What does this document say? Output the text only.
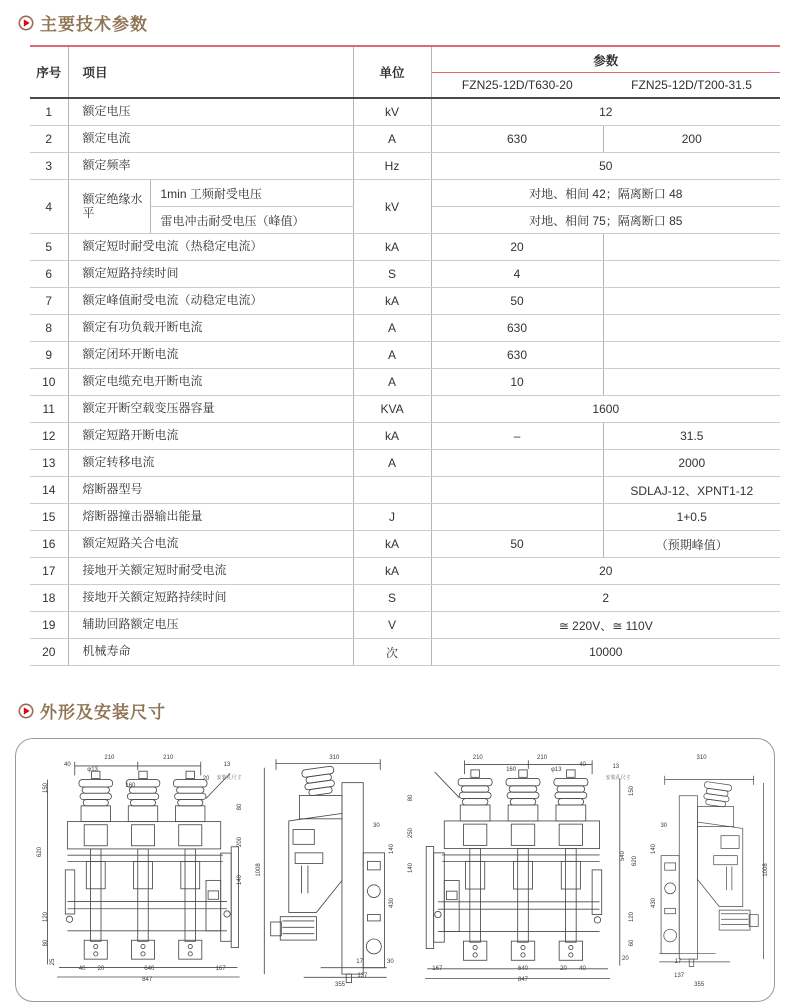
主要技术参数
序号	项目		单位	参数	
				FZN25-12D/T630-20	FZN25-12D/T200-31.5
1	额定电压		kV	12	
2	额定电流		A	630	200
3	额定频率		Hz	50	
4	额定绝缘水平	1min 工频耐受电压	kV	对地、相间 42；隔离断口 48	
		雷电冲击耐受电压（峰值）		对地、相间 75；隔离断口 85	
5	额定短时耐受电流（热稳定电流）		kA	20	
6	额定短路持续时间		S	4	
7	额定峰值耐受电流（动稳定电流）		kA	50	
8	额定有功负载开断电流		A	630	
9	额定闭环开断电流		A	630	
10	额定电缆充电开断电流		A	10	
11	额定开断空载变压器容量		KVA	1600	
12	额定短路开断电流		kA	–	31.5
13	额定转移电流		A		2000
14	熔断器型号				SDLAJ-12、XPNT1-12
15	熔断器撞击器输出能量		J		1+0.5
16	额定短路关合电流		kA	50	（预期峰值）
17	接地开关额定短时耐受电流		kA	20	
18	接地开关额定短路持续时间		S	2	
19	辅助回路额定电压		V	≅ 220V、≅ 110V	
20	机械寿命		次	10000	
外形及安装尺寸
210	210
40
φ13
160
13
20 安装孔尺寸
150
620
120
80
25
80
200
140
40 20	640	167
847
310
1008
30
140
430
17	30
137
355
210	210
160	φ13
40	13
安装孔尺寸
80
250
140
150
540 620
120
60
20
167	640	20 40
847
310
1008
30
140
430
17
137
355
